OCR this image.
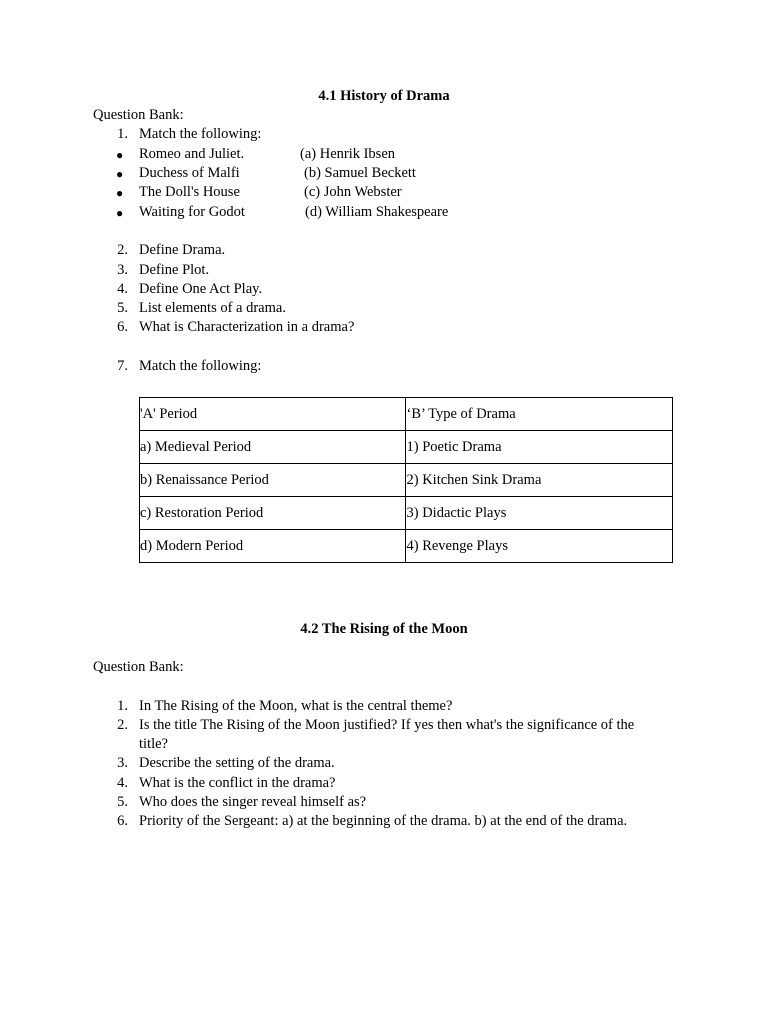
4.1 History of Drama
Question Bank:
1. Match the following:
● Romeo and Juliet.	(a) Henrik Ibsen
● Duchess of Malfi	(b) Samuel Beckett
● The Doll's House	(c) John Webster
● Waiting for Godot	(d) William Shakespeare
2. Define Drama.
3. Define Plot.
4. Define One Act Play.
5. List elements of a drama.
6. What is Characterization in a drama?
7. Match the following:
'A' Period	‘B’ Type of Drama
a) Medieval Period	1) Poetic Drama
b) Renaissance Period	2) Kitchen Sink Drama
c) Restoration Period	3) Didactic Plays
d) Modern Period	4) Revenge Plays
4.2 The Rising of the Moon
Question Bank:
1. In The Rising of the Moon, what is the central theme?
2. Is the title The Rising of the Moon justified? If yes then what's the significance of the
title?
3. Describe the setting of the drama.
4. What is the conflict in the drama?
5. Who does the singer reveal himself as?
6. Priority of the Sergeant: a) at the beginning of the drama. b) at the end of the drama.
